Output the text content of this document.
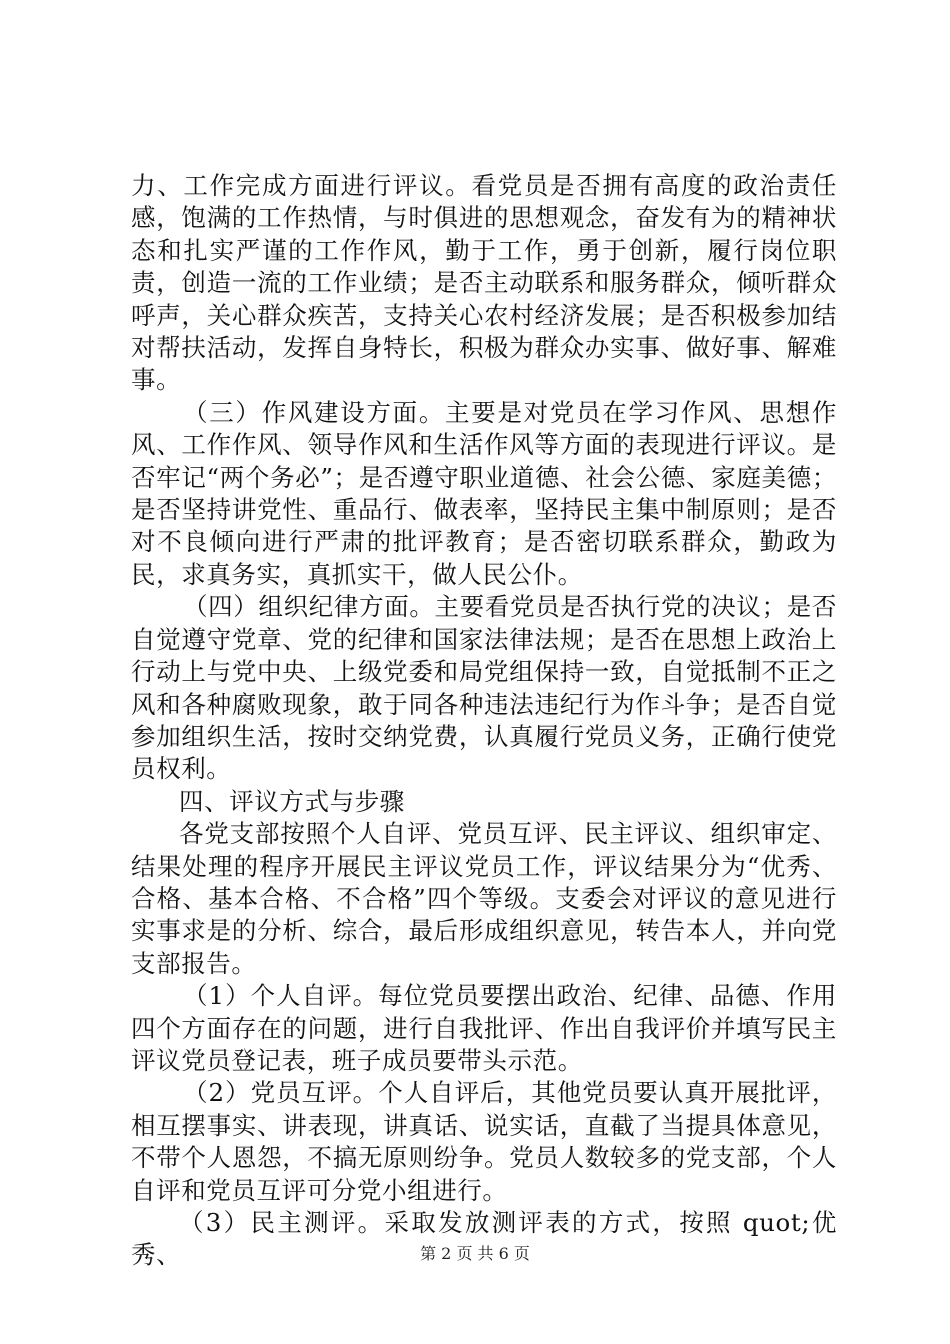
力、工作完成方面进行评议。看党员是否拥有高度的政治责任感，饱满的工作热情，与时俱进的思想观念，奋发有为的精神状态和扎实严谨的工作作风，勤于工作，勇于创新，履行岗位职责，创造一流的工作业绩；是否主动联系和服务群众，倾听群众呼声，关心群众疾苦，支持关心农村经济发展；是否积极参加结对帮扶活动，发挥自身特长，积极为群众办实事、做好事、解难事。

（三）作风建设方面。主要是对党员在学习作风、思想作风、工作作风、领导作风和生活作风等方面的表现进行评议。是否牢记“两个务必”；是否遵守职业道德、社会公德、家庭美德；是否坚持讲党性、重品行、做表率，坚持民主集中制原则；是否对不良倾向进行严肃的批评教育；是否密切联系群众，勤政为民，求真务实，真抓实干，做人民公仆。

（四）组织纪律方面。主要看党员是否执行党的决议；是否自觉遵守党章、党的纪律和国家法律法规；是否在思想上政治上行动上与党中央、上级党委和局党组保持一致，自觉抵制不正之风和各种腐败现象，敢于同各种违法违纪行为作斗争；是否自觉参加组织生活，按时交纳党费，认真履行党员义务，正确行使党员权利。

四、评议方式与步骤

各党支部按照个人自评、党员互评、民主评议、组织审定、结果处理的程序开展民主评议党员工作，评议结果分为“优秀、合格、基本合格、不合格”四个等级。支委会对评议的意见进行实事求是的分析、综合，最后形成组织意见，转告本人，并向党支部报告。

（1）个人自评。每位党员要摆出政治、纪律、品德、作用四个方面存在的问题，进行自我批评、作出自我评价并填写民主评议党员登记表，班子成员要带头示范。

（2）党员互评。个人自评后，其他党员要认真开展批评，相互摆事实、讲表现，讲真话、说实话，直截了当提具体意见，不带个人恩怨，不搞无原则纷争。党员人数较多的党支部，个人自评和党员互评可分党小组进行。

（3）民主测评。采取发放测评表的方式，按照 quot;优秀、	第 2 页 共 6 页
